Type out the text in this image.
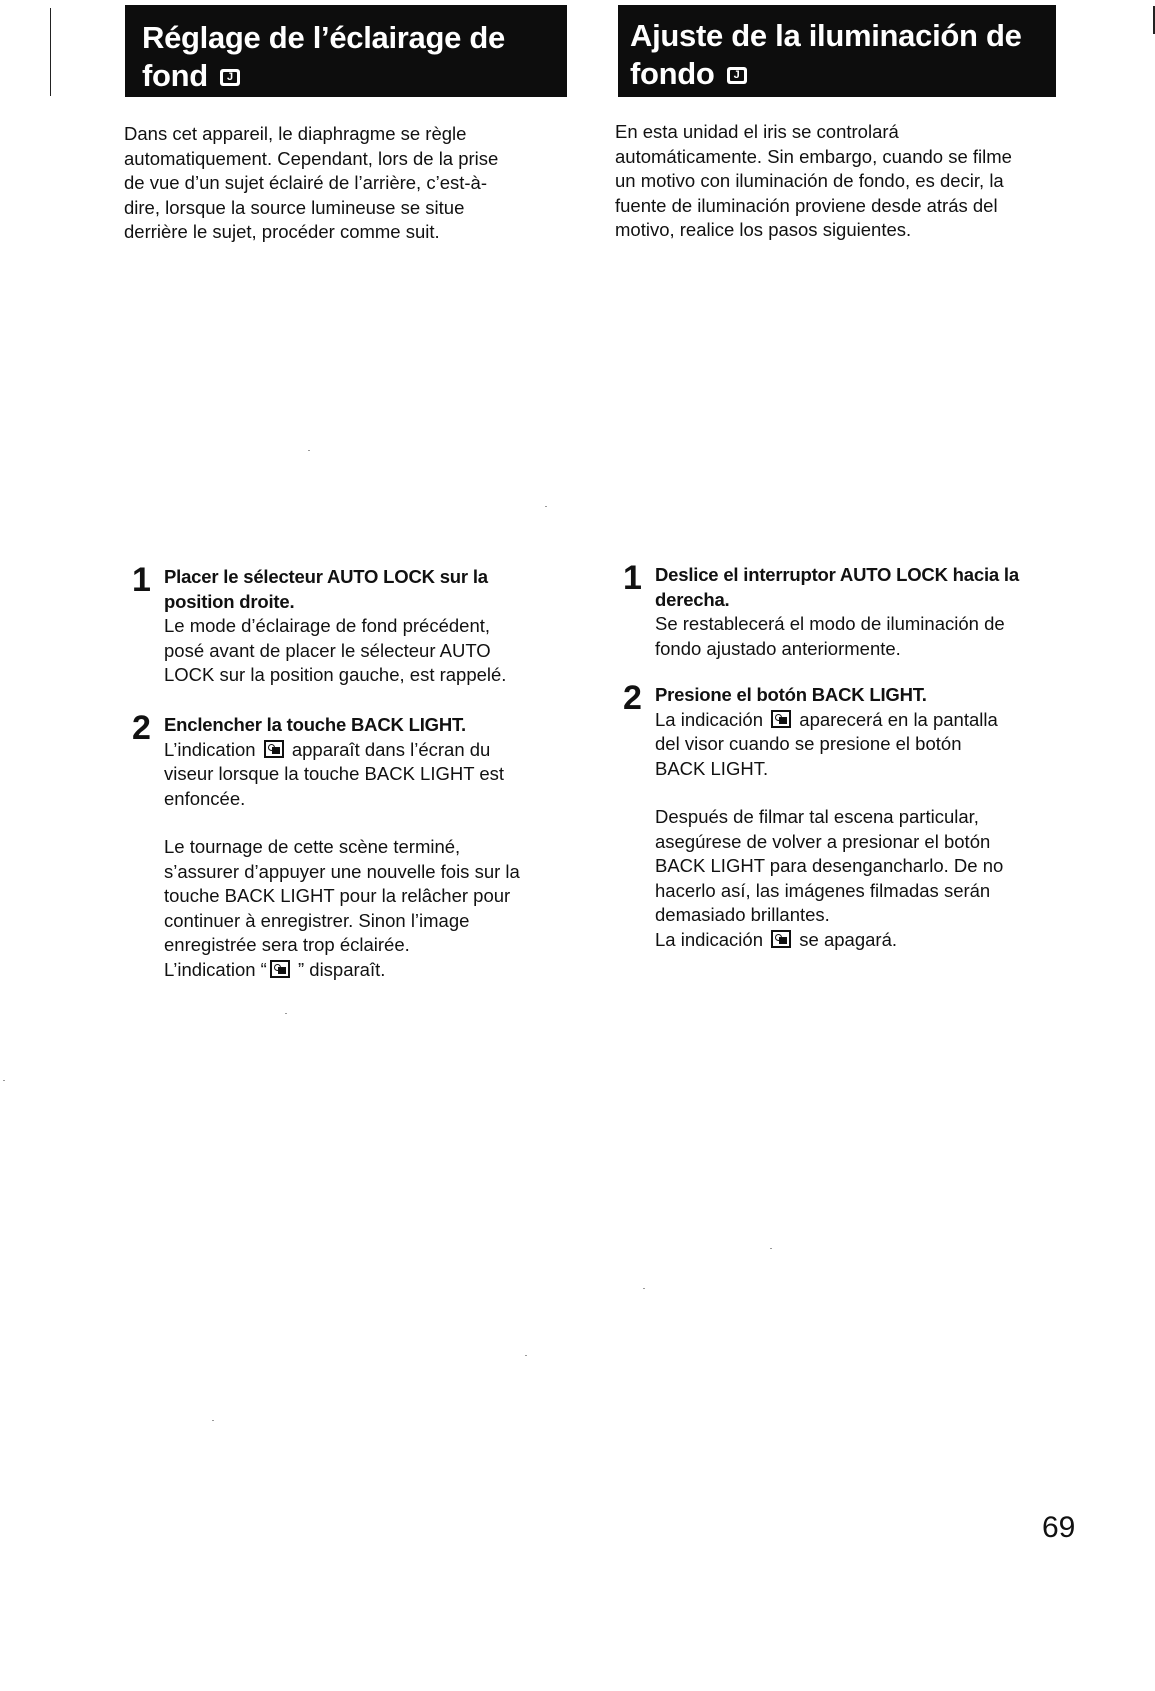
Réglage de l’éclairage de
fond	J
Ajuste de la iluminación de
fondo	J
Dans cet appareil, le diaphragme se règle
automatiquement. Cependant, lors de la prise
de vue d’un sujet éclairé de l’arrière, c’est-à-
dire, lorsque la source lumineuse se situe
derrière le sujet, procéder comme suit.
En esta unidad el iris se controlará
automáticamente. Sin embargo, cuando se filme
un motivo con iluminación de fondo, es decir, la
fuente de iluminación proviene desde atrás del
motivo, realice los pasos siguientes.
1 Placer le sélecteur AUTO LOCK sur la
position droite.
Le mode d’éclairage de fond précédent,
posé avant de placer le sélecteur AUTO
LOCK sur la position gauche, est rappelé.
2 Enclencher la touche BACK LIGHT.
L’indication apparaît dans l’écran du
viseur lorsque la touche BACK LIGHT est
enfoncée.
Le tournage de cette scène terminé,
s’assurer d’appuyer une nouvelle fois sur la
touche BACK LIGHT pour la relâcher pour
continuer à enregistrer. Sinon l’image
enregistrée sera trop éclairée.
L’indication “ ” disparaît.
1 Deslice el interruptor AUTO LOCK hacia la
derecha.
Se restablecerá el modo de iluminación de
fondo ajustado anteriormente.
2 Presione el botón BACK LIGHT.
La indicación aparecerá en la pantalla
del visor cuando se presione el botón
BACK LIGHT.
Después de filmar tal escena particular,
asegúrese de volver a presionar el botón
BACK LIGHT para desengancharlo. De no
hacerlo así, las imágenes filmadas serán
demasiado brillantes.
La indicación se apagará.
69
